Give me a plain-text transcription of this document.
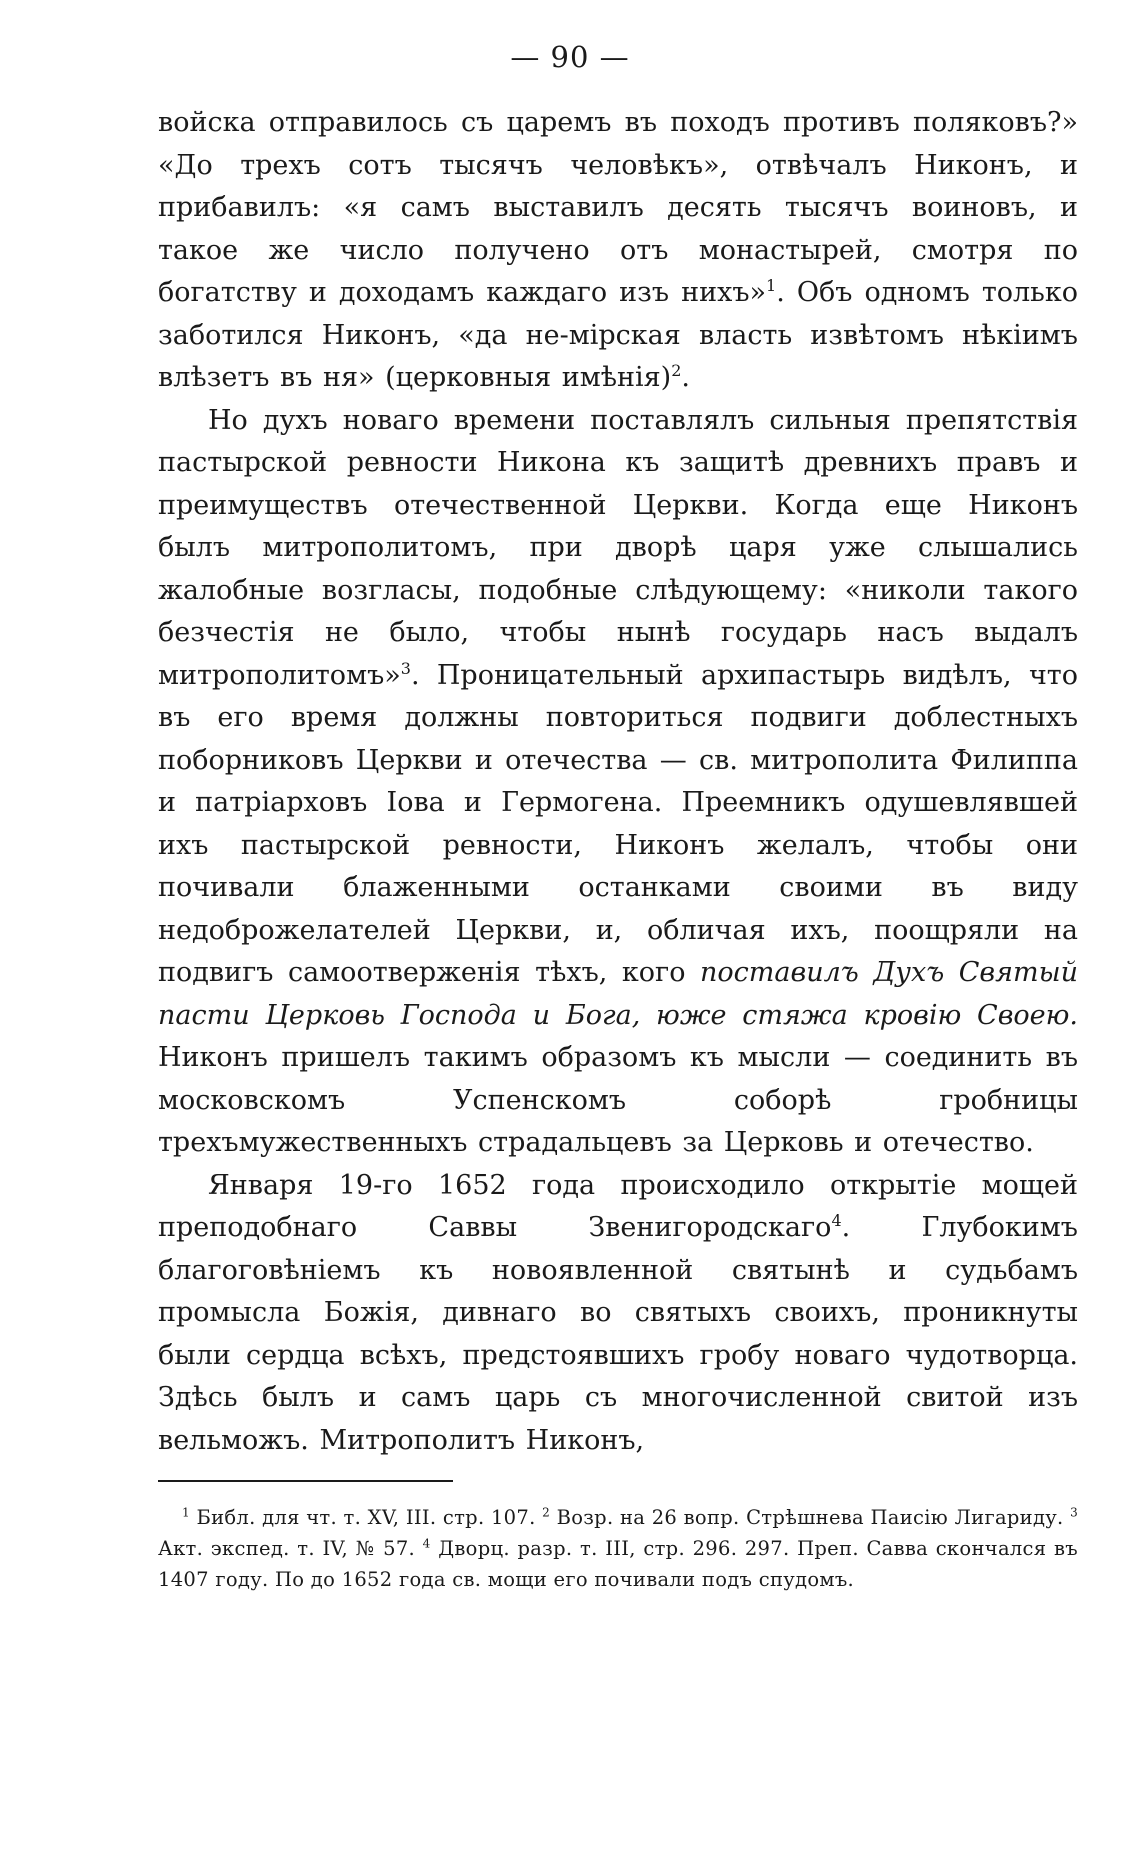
— 90 —

войска отправилось съ царемъ въ походъ противъ поляковъ?» «До трехъ сотъ тысячъ человѣкъ», отвѣчалъ Никонъ, и прибавилъ: «я самъ выставилъ десять тысячъ воиновъ, и такое же число получено отъ монастырей, смотря по богатству и доходамъ каждаго изъ нихъ»$^1$. Объ одномъ только заботился Никонъ, «да не-мірская власть извѣтомъ нѣкіимъ влѣзетъ въ ня» (церковныя имѣнія)$^2$.

Но духъ новаго времени поставлялъ сильныя препятствія пастырской ревности Никона къ защитѣ древнихъ правъ и преимуществъ отечественной Церкви. Когда еще Никонъ былъ митрополитомъ, при дворѣ царя уже слышались жалобные возгласы, подобные слѣдующему: «николи такого безчестія не было, чтобы нынѣ государь насъ выдалъ митрополитомъ»$^3$. Проницательный архипастырь видѣлъ, что въ его время должны повториться подвиги доблестныхъ поборниковъ Церкви и отечества — св. митрополита Филиппа и патріарховъ Іова и Гермогена. Преемникъ одушевлявшей ихъ пастырской ревности, Никонъ желалъ, чтобы они почивали блаженными останками своими въ виду недоброжелателей Церкви, и, обличая ихъ, поощряли на подвигъ самоотверженія тѣхъ, кого поставилъ Духъ Святый пасти Церковь Господа и Бога, юже стяжа кровію Своею. Никонъ пришелъ такимъ образомъ къ мысли — соединить въ московскомъ Успенскомъ соборѣ гробницы трехъмужественныхъ страдальцевъ за Церковь и отечество.

Января 19-го 1652 года происходило открытіе мощей преподобнаго Саввы Звенигородскаго$^4$. Глубокимъ благоговѣніемъ къ новоявленной святынѣ и судьбамъ промысла Божія, дивнаго во святыхъ своихъ, проникнуты были сердца всѣхъ, предстоявшихъ гробу новаго чудотворца. Здѣсь былъ и самъ царь съ многочисленной свитой изъ вельможъ. Митрополитъ Никонъ,

$^1$ Библ. для чт. т. XV, III. стр. 107. $^2$ Возр. на 26 вопр. Стрѣшнева Паисію Лигариду. $^3$ Акт. экспед. т. IV, № 57. $^4$ Дворц. разр. т. III, стр. 296. 297. Преп. Савва скончался въ 1407 году. По до 1652 года св. мощи его почивали подъ спудомъ.
